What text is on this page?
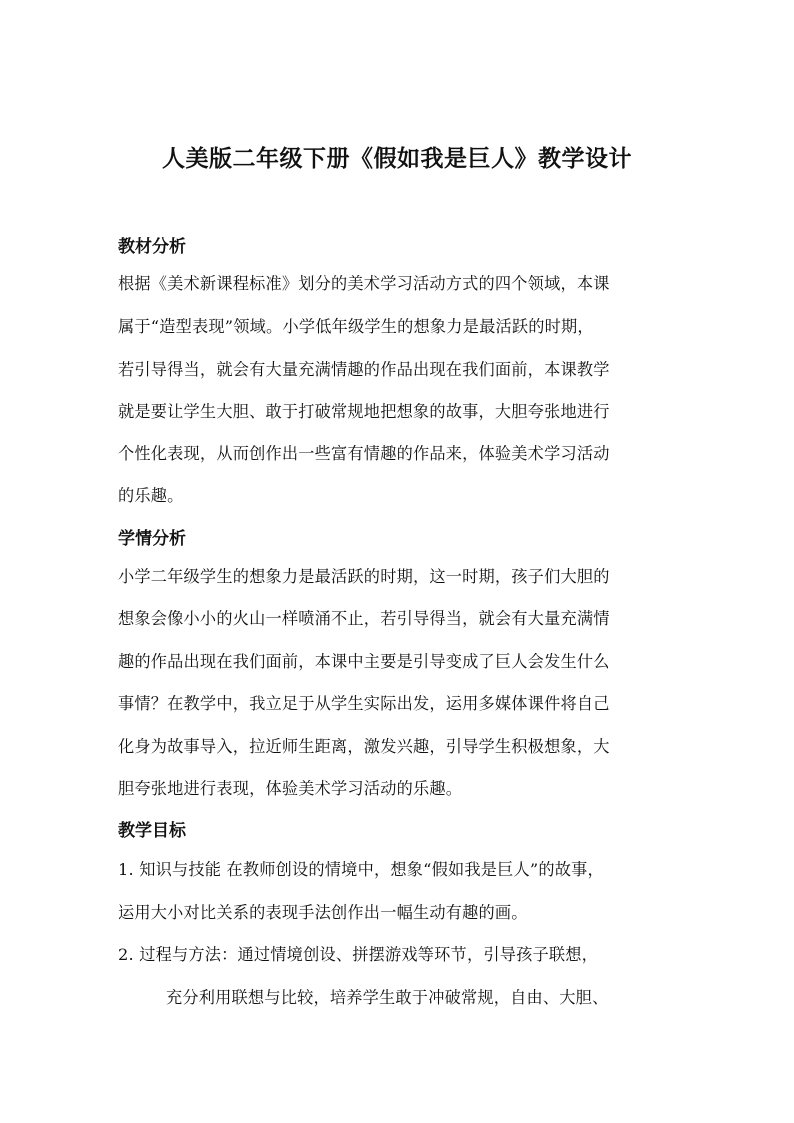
人美版二年级下册《假如我是巨人》教学设计
教材分析
根据《美术新课程标准》划分的美术学习活动方式的四个领域，本课
属于“造型表现”领域。小学低年级学生的想象力是最活跃的时期，
若引导得当，就会有大量充满情趣的作品出现在我们面前，本课教学
就是要让学生大胆、敢于打破常规地把想象的故事，大胆夸张地进行
个性化表现，从而创作出一些富有情趣的作品来，体验美术学习活动
的乐趣。
学情分析
小学二年级学生的想象力是最活跃的时期，这一时期，孩子们大胆的
想象会像小小的火山一样喷涌不止，若引导得当，就会有大量充满情
趣的作品出现在我们面前，本课中主要是引导变成了巨人会发生什么
事情？在教学中，我立足于从学生实际出发，运用多媒体课件将自己
化身为故事导入，拉近师生距离，激发兴趣，引导学生积极想象，大
胆夸张地进行表现，体验美术学习活动的乐趣。
教学目标
1. 知识与技能 在教师创设的情境中，想象“假如我是巨人”的故事，
运用大小对比关系的表现手法创作出一幅生动有趣的画。
2. 过程与方法：通过情境创设、拼摆游戏等环节，引导孩子联想，
充分利用联想与比较，培养学生敢于冲破常规，自由、大胆、
